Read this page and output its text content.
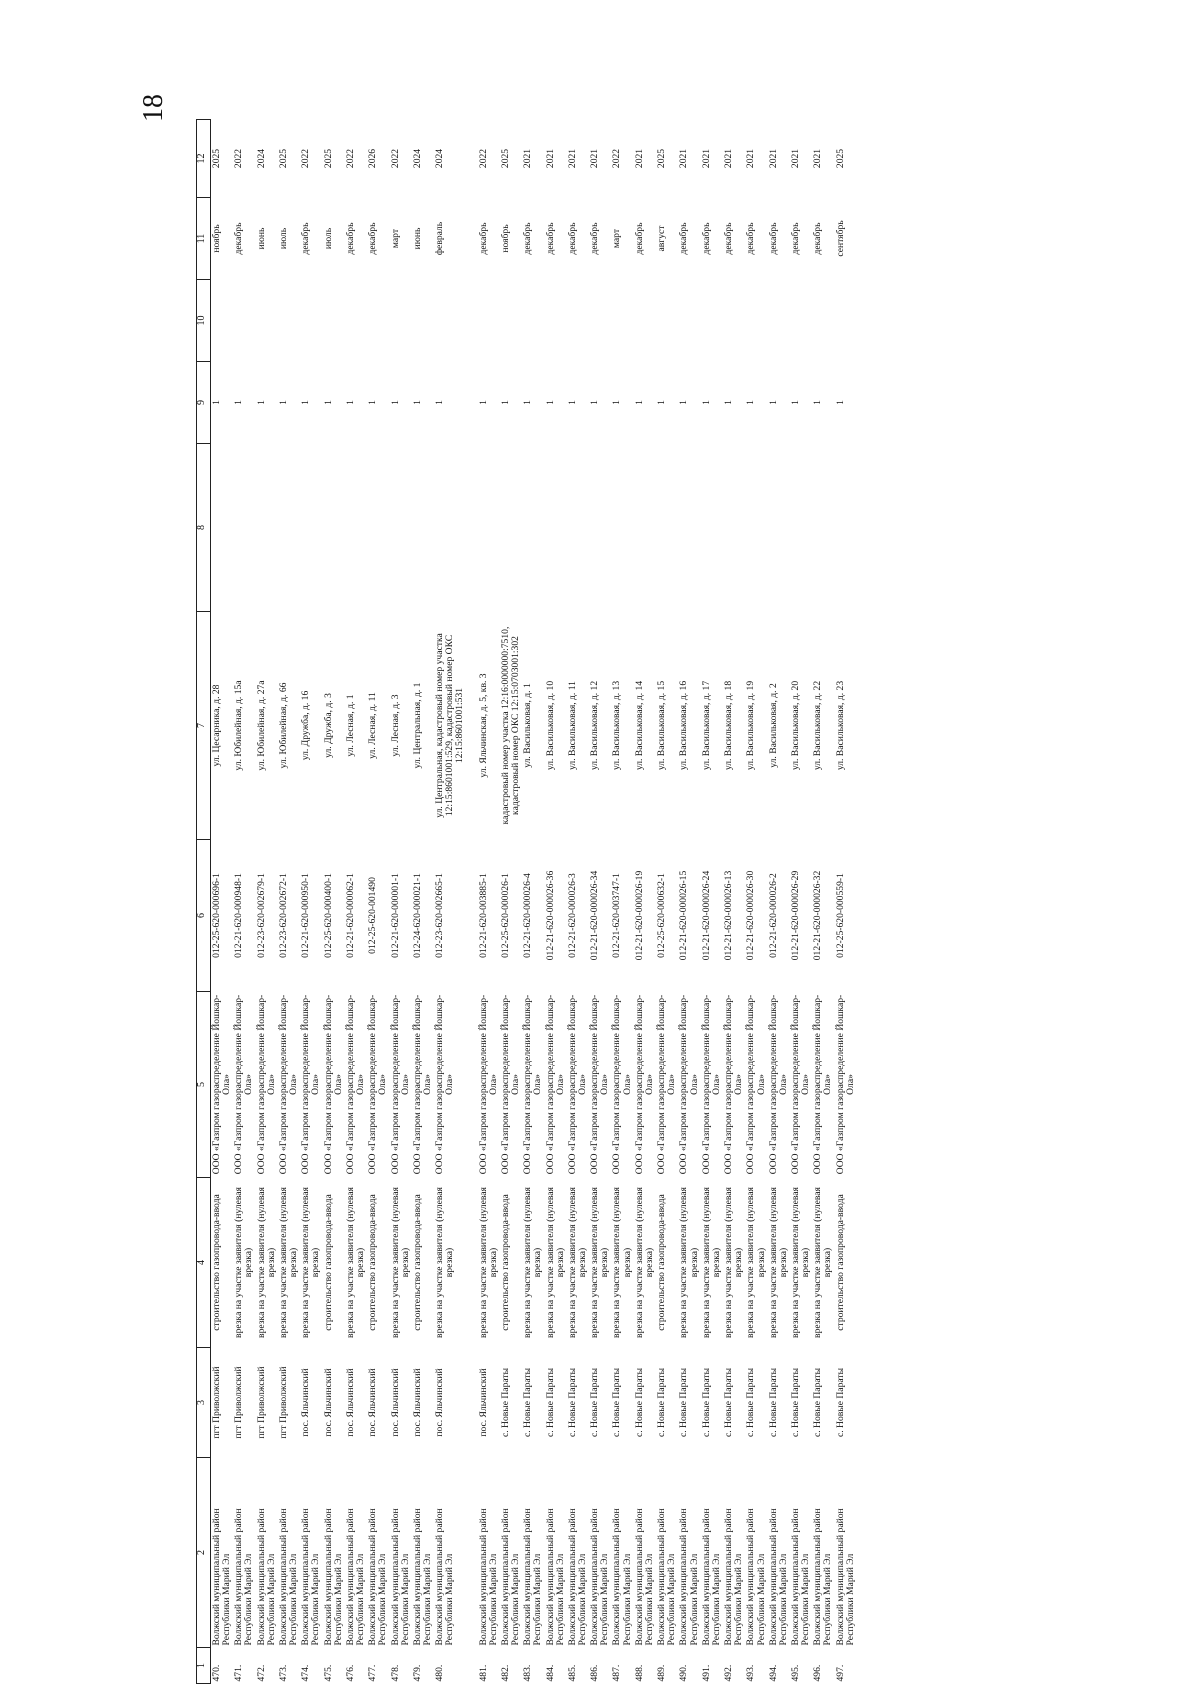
18
1	2	3	4	5	6	7	8	9	10	11	12
470.	Волжский муниципальный район Республики Марий Эл	пгт Приволжский	строительство газопровода-ввода	ООО «Газпром газораспределение Йошкар-Ола»	012-25-620-000696-1	ул. Цесарника, д. 28		1		ноябрь	2025
471.	Волжский муниципальный район Республики Марий Эл	пгт Приволжский	врезка на участке заявителя (нулевая врезка)	ООО «Газпром газораспределение Йошкар-Ола»	012-21-620-000948-1	ул. Юбилейная, д. 15а		1		декабрь	2022
472.	Волжский муниципальный район Республики Марий Эл	пгт Приволжский	врезка на участке заявителя (нулевая врезка)	ООО «Газпром газораспределение Йошкар-Ола»	012-23-620-002679-1	ул. Юбилейная, д. 27а		1		июнь	2024
473.	Волжский муниципальный район Республики Марий Эл	пгт Приволжский	врезка на участке заявителя (нулевая врезка)	ООО «Газпром газораспределение Йошкар-Ола»	012-23-620-002672-1	ул. Юбилейная, д. 66		1		июль	2025
474.	Волжский муниципальный район Республики Марий Эл	пос. Яльчинский	врезка на участке заявителя (нулевая врезка)	ООО «Газпром газораспределение Йошкар-Ола»	012-21-620-000950-1	ул. Дружба, д. 16		1		декабрь	2022
475.	Волжский муниципальный район Республики Марий Эл	пос. Яльчинский	строительство газопровода-ввода	ООО «Газпром газораспределение Йошкар-Ола»	012-25-620-000400-1	ул. Дружба, д. 3		1		июль	2025
476.	Волжский муниципальный район Республики Марий Эл	пос. Яльчинский	врезка на участке заявителя (нулевая врезка)	ООО «Газпром газораспределение Йошкар-Ола»	012-21-620-000062-1	ул. Лесная, д. 1		1		декабрь	2022
477.	Волжский муниципальный район Республики Марий Эл	пос. Яльчинский	строительство газопровода-ввода	ООО «Газпром газораспределение Йошкар-Ола»	012-25-620-001490	ул. Лесная, д. 11		1		декабрь	2026
478.	Волжский муниципальный район Республики Марий Эл	пос. Яльчинский	врезка на участке заявителя (нулевая врезка)	ООО «Газпром газораспределение Йошкар-Ола»	012-21-620-000001-1	ул. Лесная, д. 3		1		март	2022
479.	Волжский муниципальный район Республики Марий Эл	пос. Яльчинский	строительство газопровода-ввода	ООО «Газпром газораспределение Йошкар-Ола»	012-24-620-000021-1	ул. Центральная, д. 1		1		июнь	2024
480.	Волжский муниципальный район Республики Марий Эл	пос. Яльчинский	врезка на участке заявителя (нулевая врезка)	ООО «Газпром газораспределение Йошкар-Ола»	012-23-620-002665-1	ул. Центральная, кадастровый номер участка 12:15:8601001:529, кадастровый номер ОКС 12:15:8601001:531		1		февраль	2024
481.	Волжский муниципальный район Республики Марий Эл	пос. Яльчинский	врезка на участке заявителя (нулевая врезка)	ООО «Газпром газораспределение Йошкар-Ола»	012-21-620-003885-1	ул. Яльчинская, д. 5, кв. 3		1		декабрь	2022
482.	Волжский муниципальный район Республики Марий Эл	с. Новые Параты	строительство газопровода-ввода	ООО «Газпром газораспределение Йошкар-Ола»	012-25-620-000026-1	кадастровый номер участка 12:16:0000000:7510, кадастровый номер ОКС 12:15:0703001:302		1		ноябрь	2025
483.	Волжский муниципальный район Республики Марий Эл	с. Новые Параты	врезка на участке заявителя (нулевая врезка)	ООО «Газпром газораспределение Йошкар-Ола»	012-21-620-000026-4	ул. Васильковая, д. 1		1		декабрь	2021
484.	Волжский муниципальный район Республики Марий Эл	с. Новые Параты	врезка на участке заявителя (нулевая врезка)	ООО «Газпром газораспределение Йошкар-Ола»	012-21-620-000026-36	ул. Васильковая, д. 10		1		декабрь	2021
485.	Волжский муниципальный район Республики Марий Эл	с. Новые Параты	врезка на участке заявителя (нулевая врезка)	ООО «Газпром газораспределение Йошкар-Ола»	012-21-620-000026-3	ул. Васильковая, д. 11		1		декабрь	2021
486.	Волжский муниципальный район Республики Марий Эл	с. Новые Параты	врезка на участке заявителя (нулевая врезка)	ООО «Газпром газораспределение Йошкар-Ола»	012-21-620-000026-34	ул. Васильковая, д. 12		1		декабрь	2021
487.	Волжский муниципальный район Республики Марий Эл	с. Новые Параты	врезка на участке заявителя (нулевая врезка)	ООО «Газпром газораспределение Йошкар-Ола»	012-21-620-003747-1	ул. Васильковая, д. 13		1		март	2022
488.	Волжский муниципальный район Республики Марий Эл	с. Новые Параты	врезка на участке заявителя (нулевая врезка)	ООО «Газпром газораспределение Йошкар-Ола»	012-21-620-000026-19	ул. Васильковая, д. 14		1		декабрь	2021
489.	Волжский муниципальный район Республики Марий Эл	с. Новые Параты	строительство газопровода-ввода	ООО «Газпром газораспределение Йошкар-Ола»	012-25-620-000632-1	ул. Васильковая, д. 15		1		август	2025
490.	Волжский муниципальный район Республики Марий Эл	с. Новые Параты	врезка на участке заявителя (нулевая врезка)	ООО «Газпром газораспределение Йошкар-Ола»	012-21-620-000026-15	ул. Васильковая, д. 16		1		декабрь	2021
491.	Волжский муниципальный район Республики Марий Эл	с. Новые Параты	врезка на участке заявителя (нулевая врезка)	ООО «Газпром газораспределение Йошкар-Ола»	012-21-620-000026-24	ул. Васильковая, д. 17		1		декабрь	2021
492.	Волжский муниципальный район Республики Марий Эл	с. Новые Параты	врезка на участке заявителя (нулевая врезка)	ООО «Газпром газораспределение Йошкар-Ола»	012-21-620-000026-13	ул. Васильковая, д. 18		1		декабрь	2021
493.	Волжский муниципальный район Республики Марий Эл	с. Новые Параты	врезка на участке заявителя (нулевая врезка)	ООО «Газпром газораспределение Йошкар-Ола»	012-21-620-000026-30	ул. Васильковая, д. 19		1		декабрь	2021
494.	Волжский муниципальный район Республики Марий Эл	с. Новые Параты	врезка на участке заявителя (нулевая врезка)	ООО «Газпром газораспределение Йошкар-Ола»	012-21-620-000026-2	ул. Васильковая, д. 2		1		декабрь	2021
495.	Волжский муниципальный район Республики Марий Эл	с. Новые Параты	врезка на участке заявителя (нулевая врезка)	ООО «Газпром газораспределение Йошкар-Ола»	012-21-620-000026-29	ул. Васильковая, д. 20		1		декабрь	2021
496.	Волжский муниципальный район Республики Марий Эл	с. Новые Параты	врезка на участке заявителя (нулевая врезка)	ООО «Газпром газораспределение Йошкар-Ола»	012-21-620-000026-32	ул. Васильковая, д. 22		1		декабрь	2021
497.	Волжский муниципальный район Республики Марий Эл	с. Новые Параты	строительство газопровода-ввода	ООО «Газпром газораспределение Йошкар-Ола»	012-25-620-000559-1	ул. Васильковая, д. 23		1		сентябрь	2025
